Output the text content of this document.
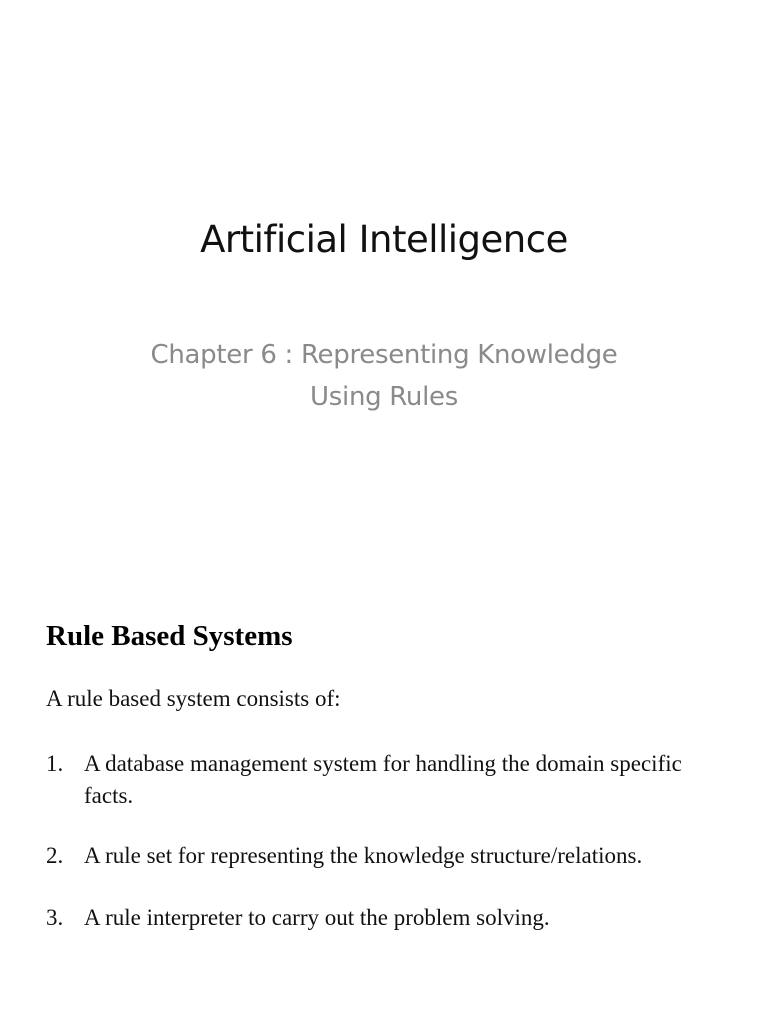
Artificial Intelligence
Chapter 6 : Representing Knowledge
Using Rules
Rule Based Systems
A rule based system consists of:
1. A database management system for handling the domain specific facts.
2. A rule set for representing the knowledge structure/relations.
3. A rule interpreter to carry out the problem solving.
